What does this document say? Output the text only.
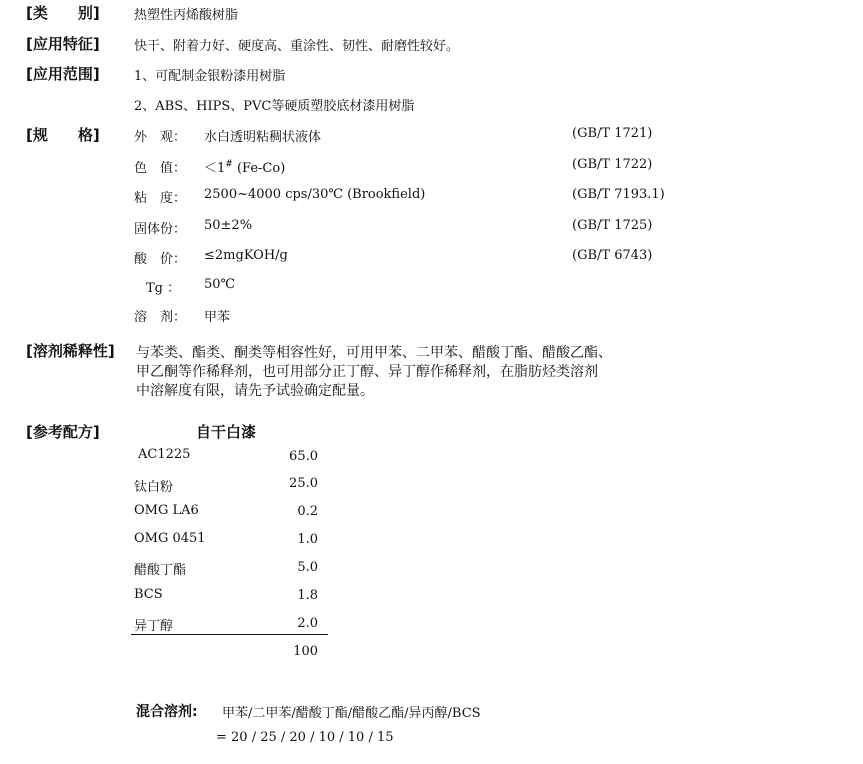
[类　　别]	热塑性丙烯酸树脂
[应用特征]	快干、附着力好、硬度高、重涂性、韧性、耐磨性较好。
[应用范围]	1、可配制金银粉漆用树脂
2、ABS、HIPS、PVC等硬质塑胶底材漆用树脂
[规　　格]	外　观： 水白透明粘稠状液体	(GB/T 1721)
色　值： ＜1# (Fe-Co)	(GB/T 1722)
粘　度： 2500~4000 cps/30℃ (Brookfield)	(GB/T 7193.1)
固体份： 50±2%	(GB/T 1725)
酸　价： ≤2mgKOH/g	(GB/T 6743)
Tg ： 50℃
溶　剂： 甲苯
[溶剂稀释性] 与苯类、酯类、酮类等相容性好，可用甲苯、二甲苯、醋酸丁酯、醋酸乙酯、
甲乙酮等作稀释剂，也可用部分正丁醇、异丁醇作稀释剂，在脂肪烃类溶剂
中溶解度有限，请先予试验确定配量。
[参考配方]	自干白漆
AC1225	65.0
钛白粉	25.0
OMG LA6	0.2
OMG 0451	1.0
醋酸丁酯	5.0
BCS	1.8
异丁醇	2.0
100
混合溶剂: 甲苯/二甲苯/醋酸丁酯/醋酸乙酯/异丙醇/BCS
= 20 / 25 / 20 / 10 / 10 / 15
